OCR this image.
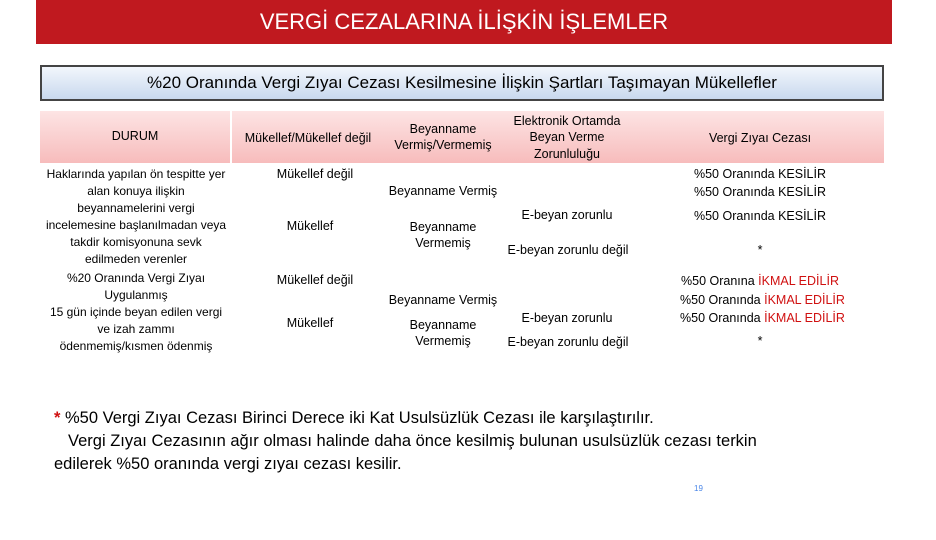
VERGİ CEZALARINA İLİŞKİN İŞLEMLER
%20 Oranında Vergi Zıyaı Cezası Kesilmesine İlişkin Şartları Taşımayan Mükellefler
DURUM	Mükellef/Mükellef değil
Beyanname Vermiş/Vermemiş
Elektronik Ortamda Beyan Verme Zorunluluğu
Vergi Zıyaı Cezası
Haklarında yapılan ön tespitte yer
alan konuya ilişkin
beyannamelerini vergi
incelemesine başlanılmadan veya
takdir komisyonuna sevk
edilmeden verenler
Mükellef değil
Mükellef
Beyanname Vermiş
Beyanname
Vermemiş
E-beyan zorunlu
E-beyan zorunlu değil
%50 Oranında KESİLİR
%50 Oranında KESİLİR
%50 Oranında KESİLİR
*
%20 Oranında Vergi Zıyaı
Uygulanmış
15 gün içinde beyan edilen vergi
ve izah zammı
ödenmemiş/kısmen ödenmiş
Mükellef değil
Mükellef
Beyanname Vermiş
Beyanname
Vermemiş
E-beyan zorunlu
E-beyan zorunlu değil
%50 Oranına İKMAL EDİLİR
%50 Oranında İKMAL EDİLİR
%50 Oranında İKMAL EDİLİR
*
* %50 Vergi Zıyaı Cezası Birinci Derece iki Kat Usulsüzlük Cezası ile karşılaştırılır.
Vergi Zıyaı Cezasının ağır olması halinde daha önce kesilmiş bulunan usulsüzlük cezası terkin
edilerek %50 oranında vergi zıyaı cezası kesilir.
19
